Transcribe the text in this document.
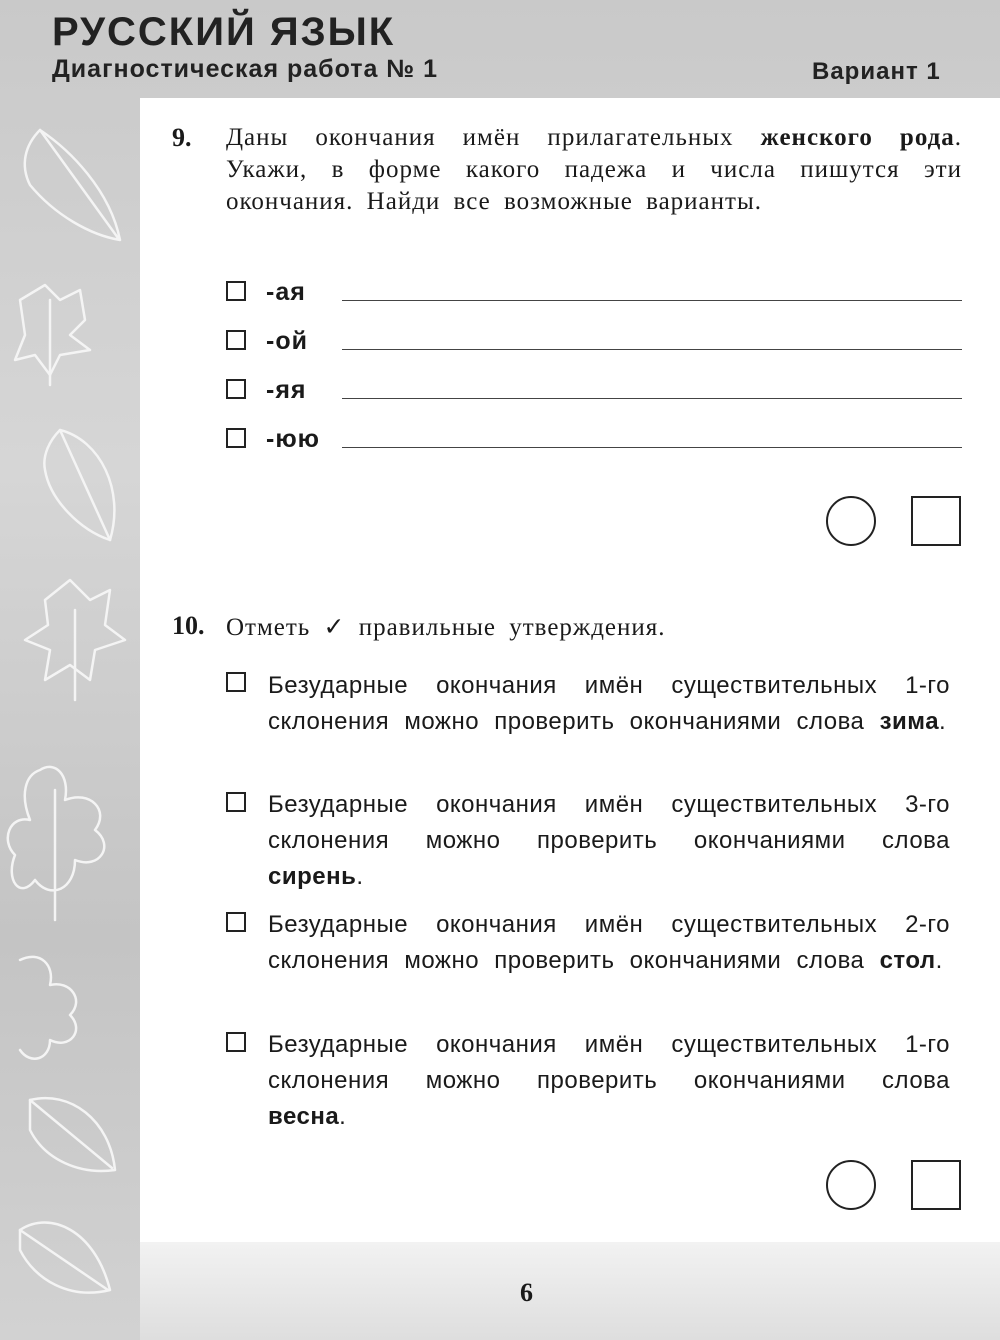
РУССКИЙ ЯЗЫК
Диагностическая работа № 1	Вариант 1
9. Даны окончания имён прилагательных женского рода. Укажи, в форме какого падежа и числа пишутся эти окончания. Найди все возможные варианты.
-ая
-ой
-яя
-юю
10. Отметь ✓ правильные утверждения.
Безударные окончания имён существительных 1-го склонения можно проверить окончаниями слова зима.
Безударные окончания имён существительных 3-го склонения можно проверить окончаниями слова сирень.
Безударные окончания имён существительных 2-го склонения можно проверить окончаниями слова стол.
Безударные окончания имён существительных 1-го склонения можно проверить окончаниями слова весна.
6
